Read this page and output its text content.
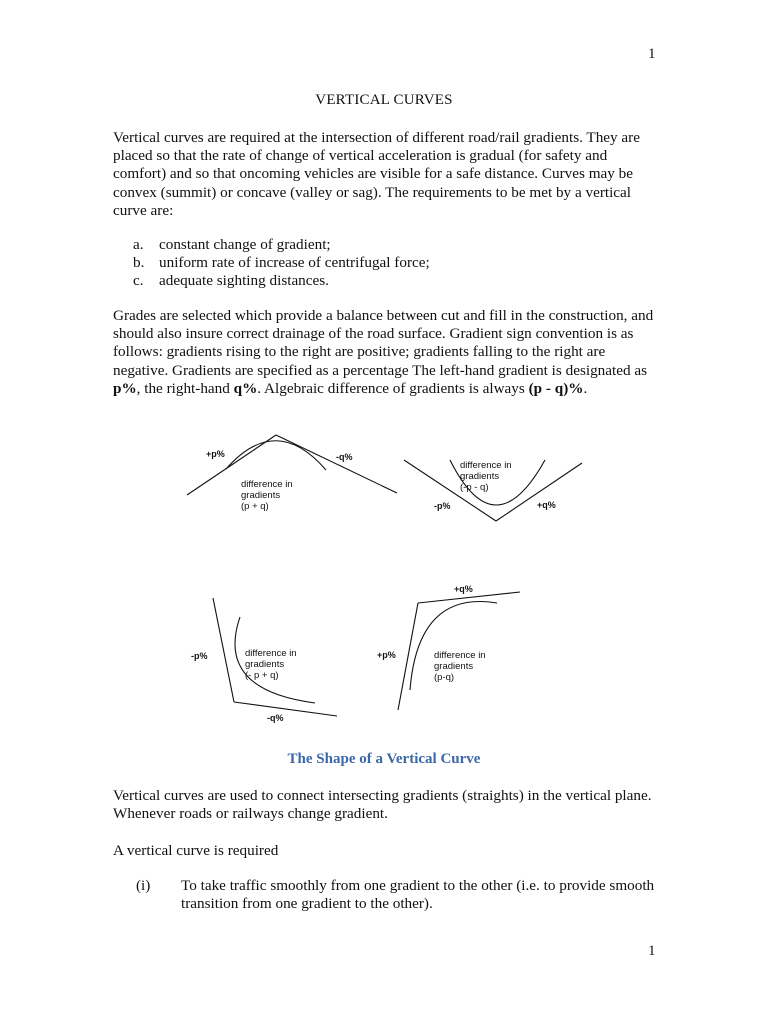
1
VERTICAL CURVES
Vertical curves are required at the intersection of different road/rail gradients. They are placed so that the rate of change of vertical acceleration is gradual (for safety and comfort) and so that oncoming vehicles are visible for a safe distance. Curves may be convex (summit) or concave (valley or sag). The requirements to be met by a vertical curve are:
a. constant change of gradient;
b. uniform rate of increase of centrifugal force;
c. adequate sighting distances.
Grades are selected which provide a balance between cut and fill in the construction, and should also insure correct drainage of the road surface. Gradient sign convention is as follows: gradients rising to the right are positive; gradients falling to the right are negative. Gradients are specified as a percentage The left-hand gradient is designated as p%, the right-hand q%. Algebraic difference of gradients is always (p - q)%.
+p%	-q%
difference in
gradients
(p + q)
difference in
gradients
(-p - q)
-p%	+q%
-p%	difference in
gradients
(- p + q)
-q%
+q%
+p%	difference in
gradients
(p-q)
The Shape of a Vertical Curve
Vertical curves are used to connect intersecting gradients (straights) in the vertical plane. Whenever roads or railways change gradient.
A vertical curve is required
(i) To take traffic smoothly from one gradient to the other (i.e. to provide smooth transition from one gradient to the other).
1
